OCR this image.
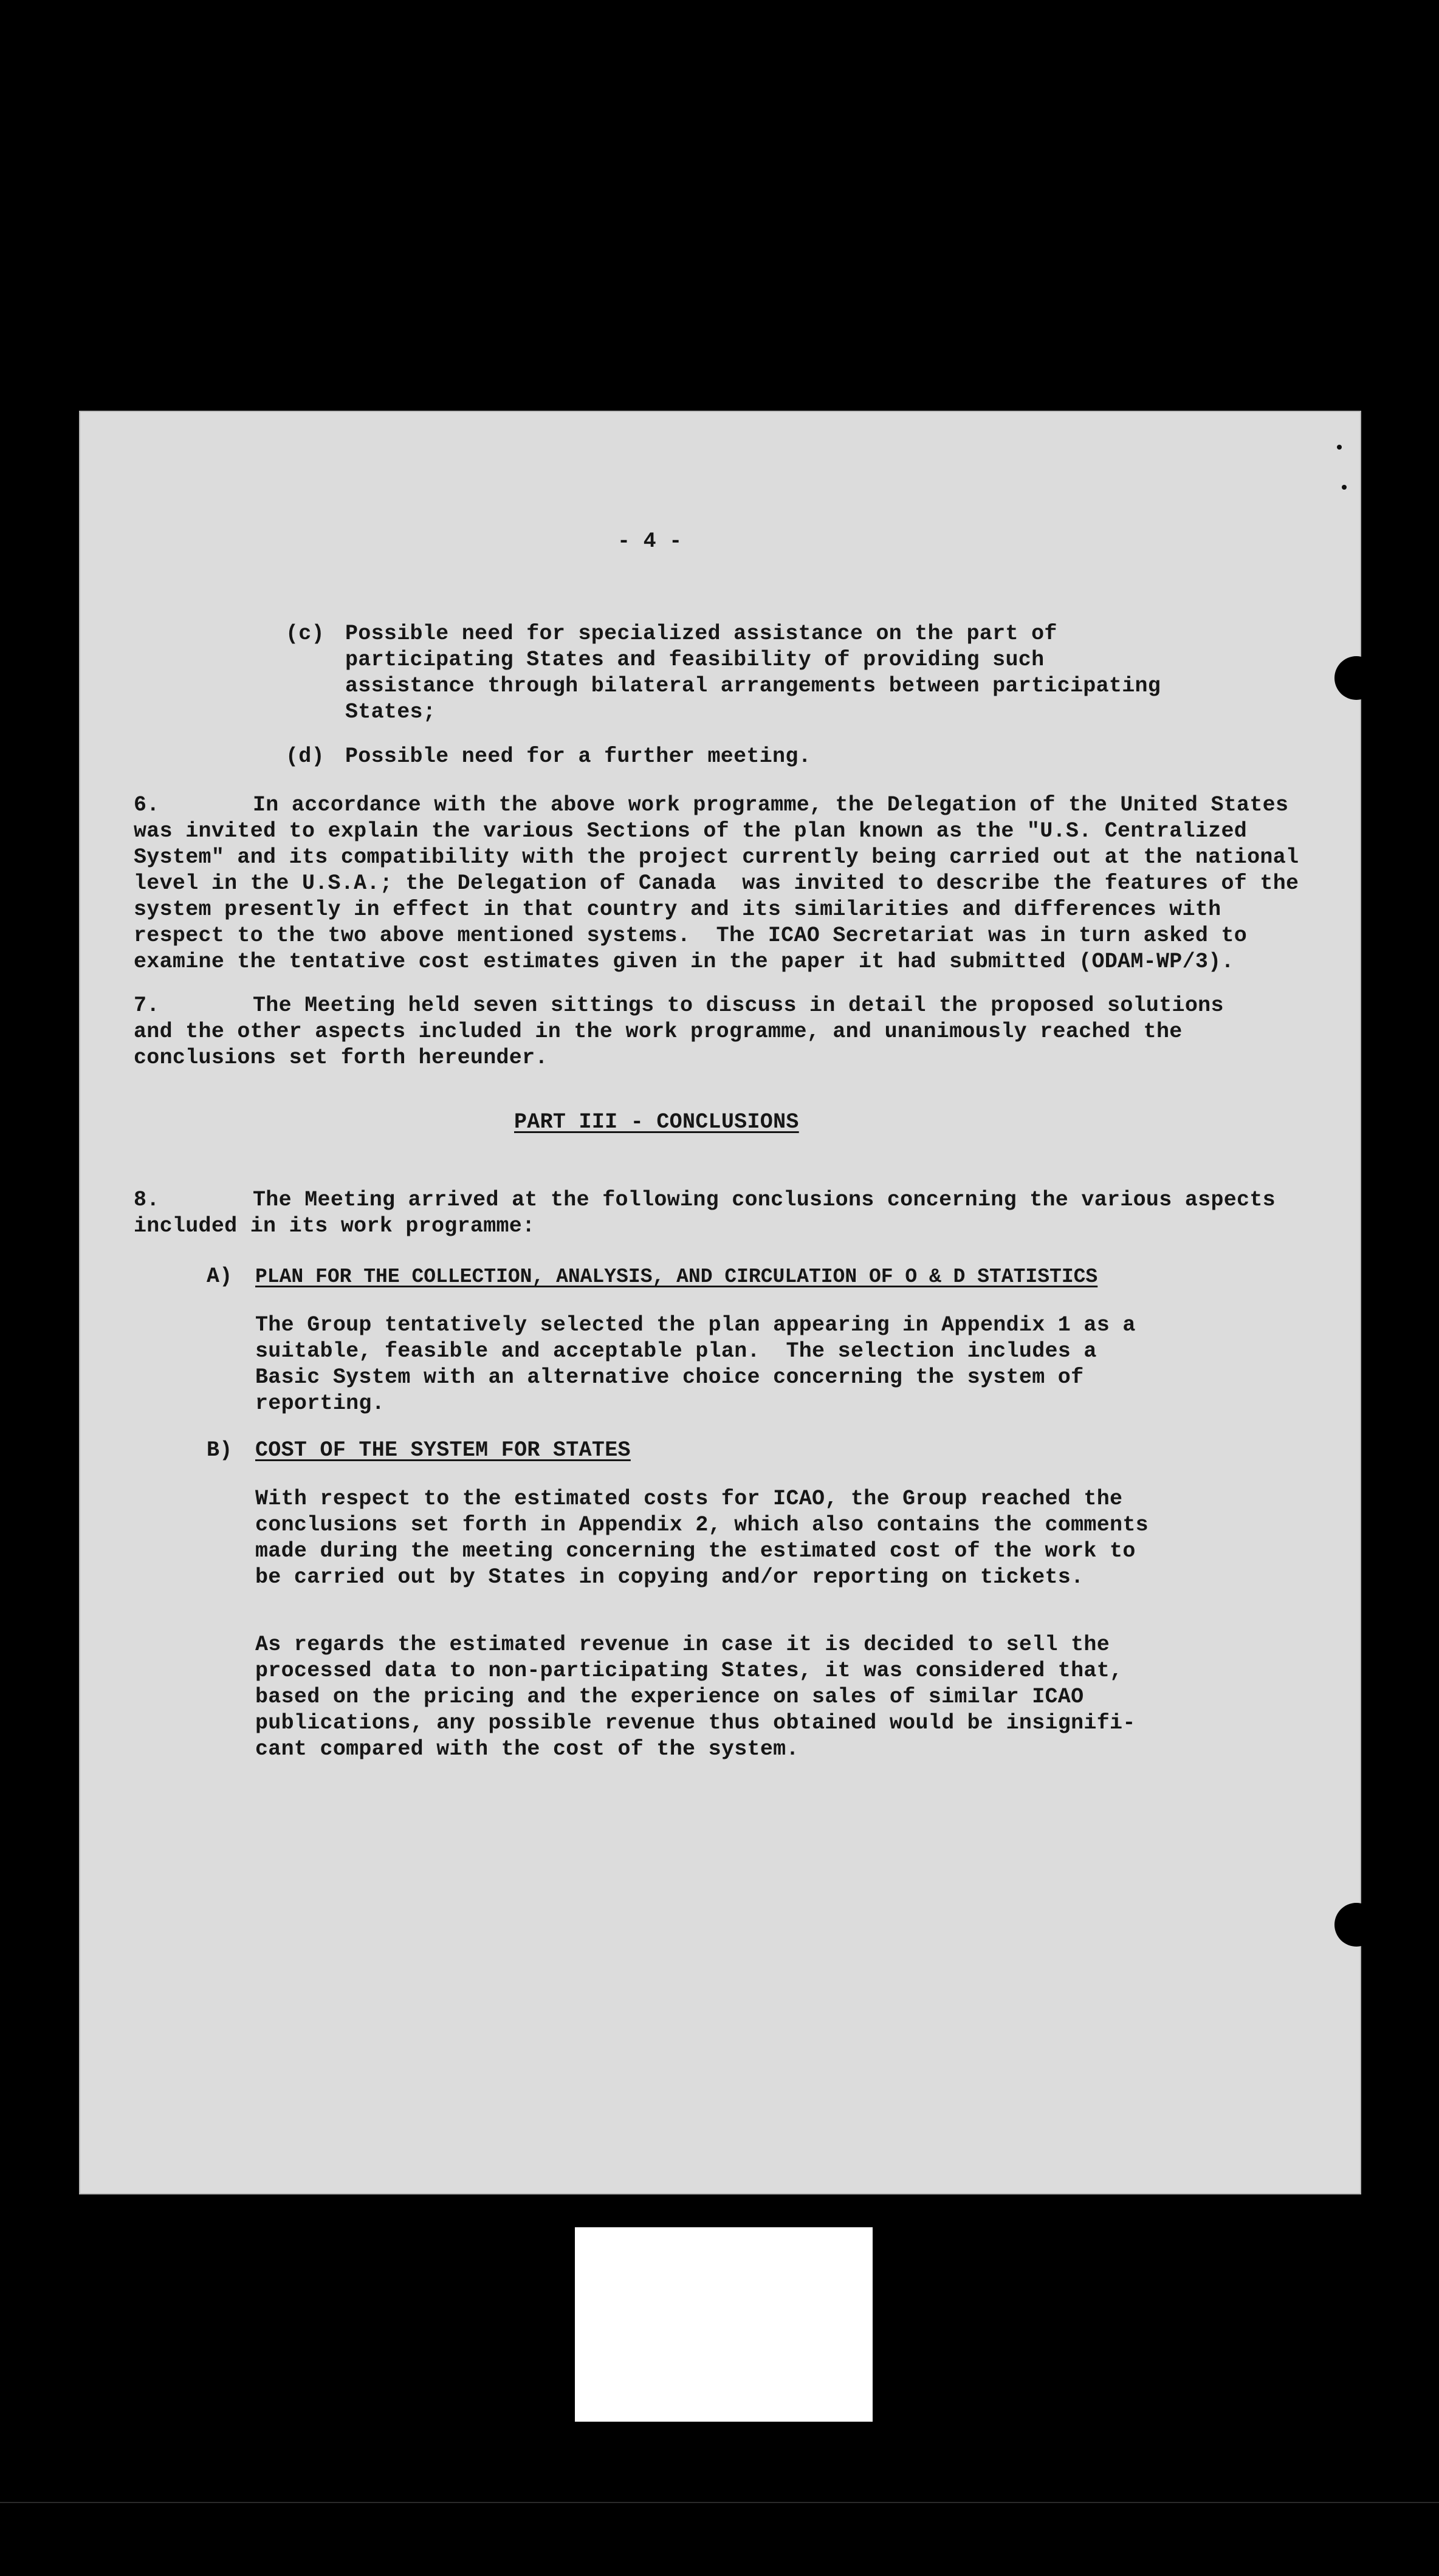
- 4 -
(c) Possible need for specialized assistance on the part of
participating States and feasibility of providing such
assistance through bilateral arrangements between participating
States;
(d) Possible need for a further meeting.
6.	In accordance with the above work programme, the Delegation of the United States
was invited to explain the various Sections of the plan known as the "U.S. Centralized
System" and its compatibility with the project currently being carried out at the national
level in the U.S.A.; the Delegation of Canada  was invited to describe the features of the
system presently in effect in that country and its similarities and differences with
respect to the two above mentioned systems.  The ICAO Secretariat was in turn asked to
examine the tentative cost estimates given in the paper it had submitted (ODAM-WP/3).
7.	The Meeting held seven sittings to discuss in detail the proposed solutions
and the other aspects included in the work programme, and unanimously reached the
conclusions set forth hereunder.
PART III - CONCLUSIONS
8.	The Meeting arrived at the following conclusions concerning the various aspects
included in its work programme:
A) PLAN FOR THE COLLECTION, ANALYSIS, AND CIRCULATION OF O & D STATISTICS
The Group tentatively selected the plan appearing in Appendix 1 as a
suitable, feasible and acceptable plan.  The selection includes a
Basic System with an alternative choice concerning the system of
reporting.
B) COST OF THE SYSTEM FOR STATES
With respect to the estimated costs for ICAO, the Group reached the
conclusions set forth in Appendix 2, which also contains the comments
made during the meeting concerning the estimated cost of the work to
be carried out by States in copying and/or reporting on tickets.
As regards the estimated revenue in case it is decided to sell the
processed data to non-participating States, it was considered that,
based on the pricing and the experience on sales of similar ICAO
publications, any possible revenue thus obtained would be insignifi-
cant compared with the cost of the system.
